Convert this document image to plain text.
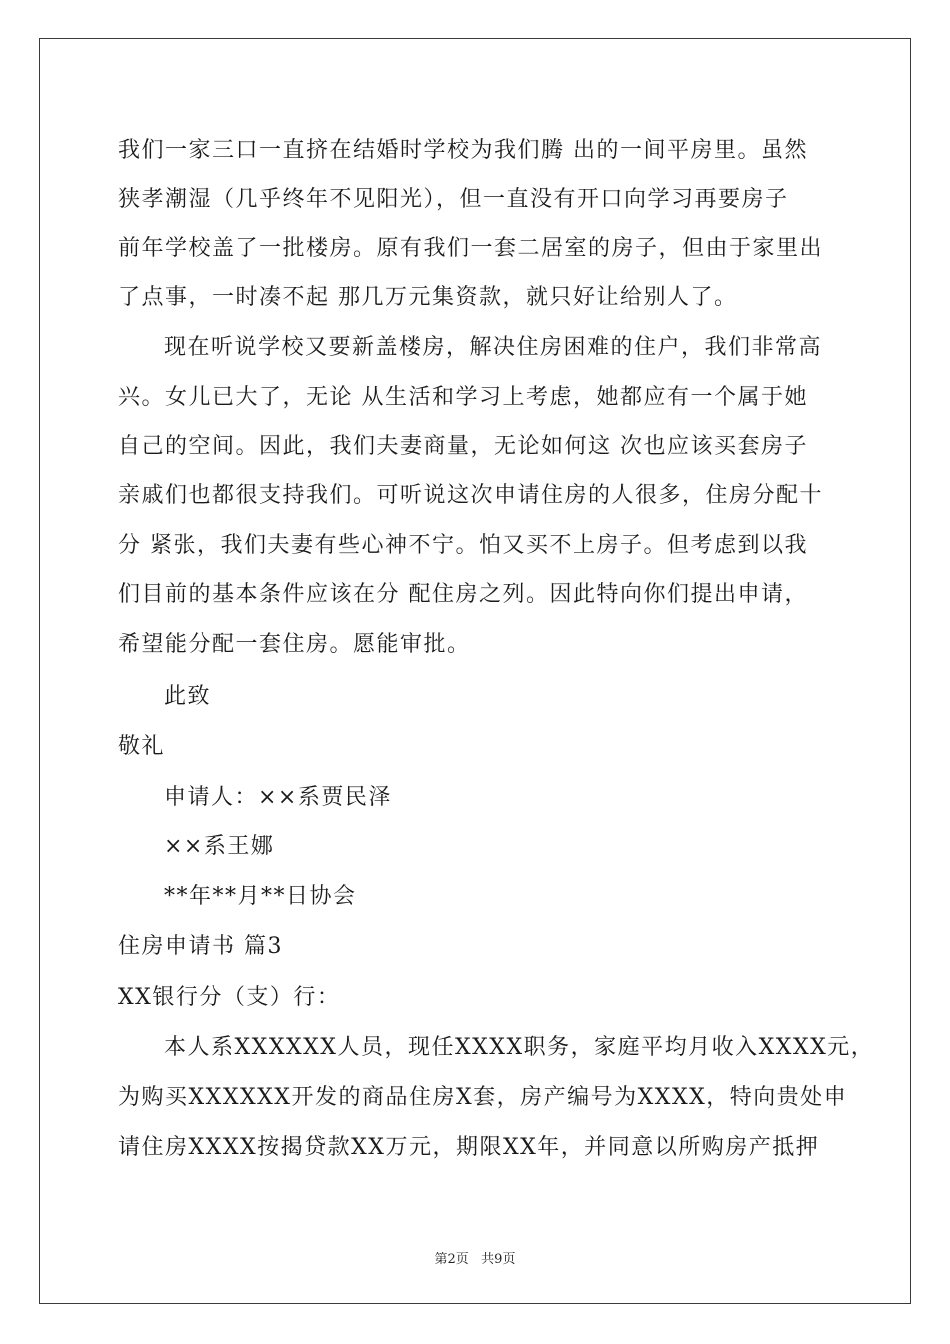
我们一家三口一直挤在结婚时学校为我们腾 出的一间平房里。虽然
狭孝潮湿（几乎终年不见阳光），但一直没有开口向学习再要房子
前年学校盖了一批楼房。原有我们一套二居室的房子，但由于家里出
了点事，一时凑不起 那几万元集资款，就只好让给别人了。
现在听说学校又要新盖楼房，解决住房困难的住户，我们非常高
兴。女儿已大了，无论 从生活和学习上考虑，她都应有一个属于她
自己的空间。因此，我们夫妻商量，无论如何这 次也应该买套房子
亲戚们也都很支持我们。可听说这次申请住房的人很多，住房分配十
分 紧张，我们夫妻有些心神不宁。怕又买不上房子。但考虑到以我
们目前的基本条件应该在分 配住房之列。因此特向你们提出申请，
希望能分配一套住房。愿能审批。
此致
敬礼
申请人：××系贾民泽
××系王娜
**年**月**日协会
住房申请书 篇3
XX银行分（支）行：
本人系XXXXXX人员，现任XXXX职务，家庭平均月收入XXXX元，
为购买XXXXXX开发的商品住房X套，房产编号为XXXX，特向贵处申
请住房XXXX按揭贷款XX万元，期限XX年，并同意以所购房产抵押
第2页   共9页
